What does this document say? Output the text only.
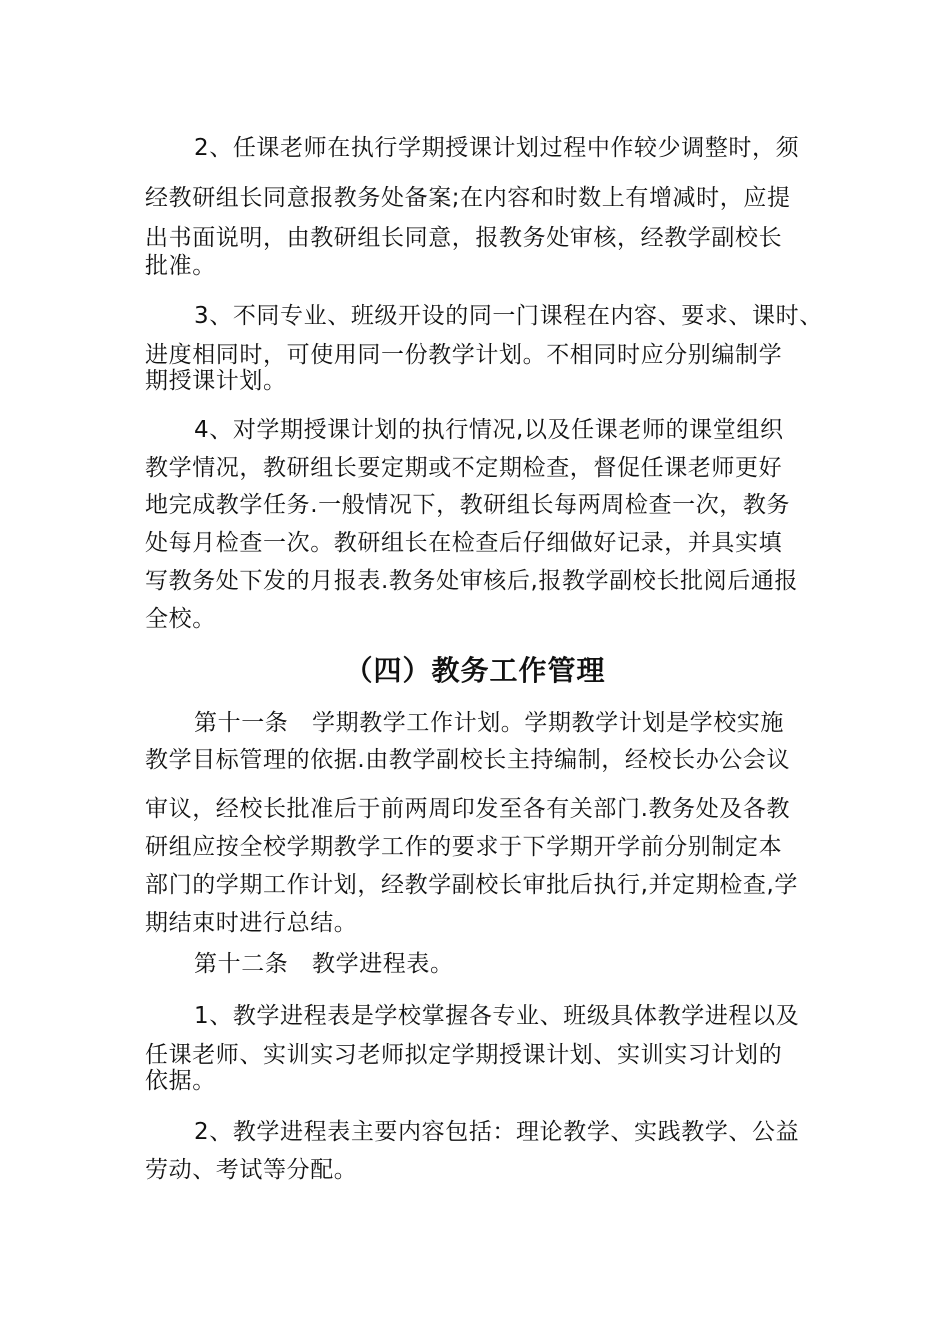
2、任课老师在执行学期授课计划过程中作较少调整时，须
经教研组长同意报教务处备案;在内容和时数上有增减时，应提
出书面说明，由教研组长同意，报教务处审核，经教学副校长
批准。
3、不同专业、班级开设的同一门课程在内容、要求、课时、
进度相同时，可使用同一份教学计划。不相同时应分别编制学
期授课计划。
4、对学期授课计划的执行情况,以及任课老师的课堂组织
教学情况，教研组长要定期或不定期检查，督促任课老师更好
地完成教学任务.一般情况下，教研组长每两周检查一次，教务
处每月检查一次。教研组长在检查后仔细做好记录，并具实填
写教务处下发的月报表.教务处审核后,报教学副校长批阅后通报
全校。
（四）教务工作管理
第十一条　学期教学工作计划。学期教学计划是学校实施
教学目标管理的依据.由教学副校长主持编制，经校长办公会议
审议，经校长批准后于前两周印发至各有关部门.教务处及各教
研组应按全校学期教学工作的要求于下学期开学前分别制定本
部门的学期工作计划，经教学副校长审批后执行,并定期检查,学
期结束时进行总结。
第十二条　教学进程表。
1、教学进程表是学校掌握各专业、班级具体教学进程以及
任课老师、实训实习老师拟定学期授课计划、实训实习计划的
依据。
2、教学进程表主要内容包括：理论教学、实践教学、公益
劳动、考试等分配。
